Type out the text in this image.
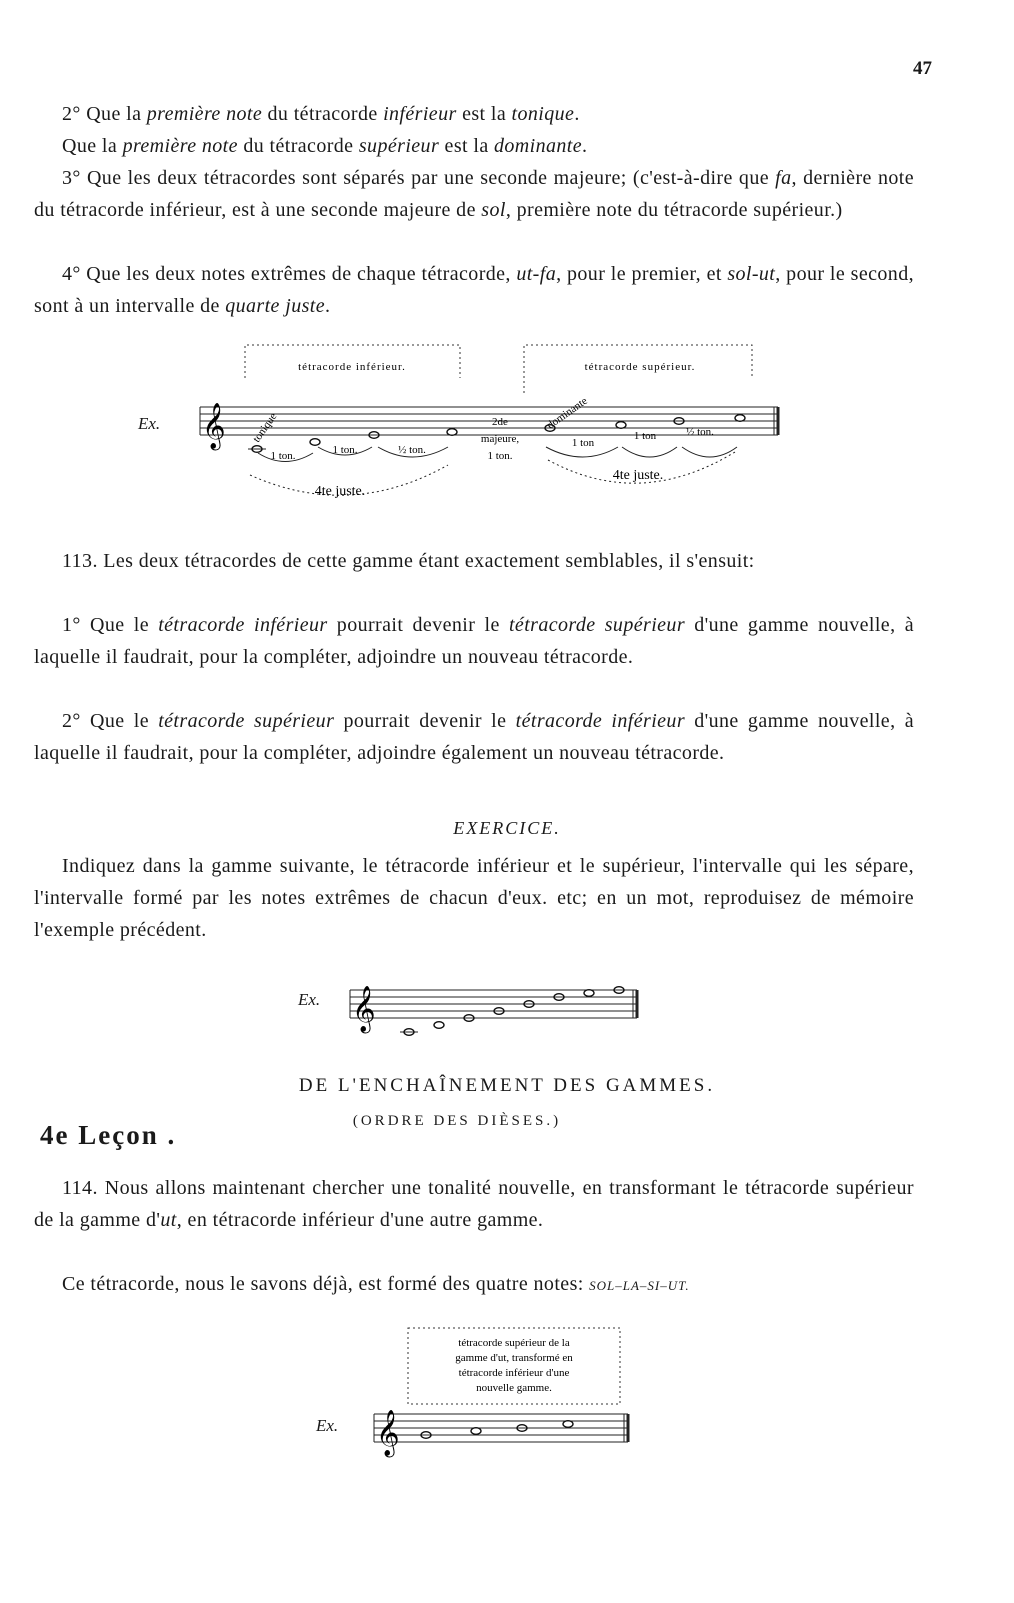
47

2° Que la première note du tétracorde inférieur est la tonique.

Que la première note du tétracorde supérieur est la dominante.

3° Que les deux tétracordes sont séparés par une seconde majeure; (c'est-à-dire que fa, dernière note du tétracorde inférieur, est à une seconde majeure de sol, première note du tétracorde supérieur.)

4° Que les deux notes extrêmes de chaque tétracorde, ut-fa, pour le premier, et sol-ut, pour le second, sont à un intervalle de quarte juste.

Ex.
tétracorde inférieur.	tétracorde supérieur.
𝄞 tonique	dominante
1 ton.	1 ton.	½ ton.
2de
majeure,
1 ton.
1 ton
1 ton	½ ton.
4te juste.
4te juste.

113. Les deux tétracordes de cette gamme étant exactement semblables, il s'ensuit:

1° Que le tétracorde inférieur pourrait devenir le tétracorde supérieur d'une gamme nouvelle, à laquelle il faudrait, pour la compléter, adjoindre un nouveau tétracorde.

2° Que le tétracorde supérieur pourrait devenir le tétracorde inférieur d'une gamme nouvelle, à laquelle il faudrait, pour la compléter, adjoindre également un nouveau tétracorde.

EXERCICE.

Indiquez dans la gamme suivante, le tétracorde inférieur et le supérieur, l'intervalle qui les sépare, l'intervalle formé par les notes extrêmes de chacun d'eux. etc; en un mot, reproduisez de mémoire l'exemple précédent.

Ex. 𝄞
DE L'ENCHAÎNEMENT DES GAMMES.
(ORDRE DES DIÈSES.)
4e Leçon .

114. Nous allons maintenant chercher une tonalité nouvelle, en transformant le tétracorde supérieur de la gamme d'ut, en tétracorde inférieur d'une autre gamme.

Ce tétracorde, nous le savons déjà, est formé des quatre notes: SOL–LA–SI–UT.

Ex.
tétracorde supérieur de la
gamme d'ut, transformé en
tétracorde inférieur d'une
nouvelle gamme.
𝄞
